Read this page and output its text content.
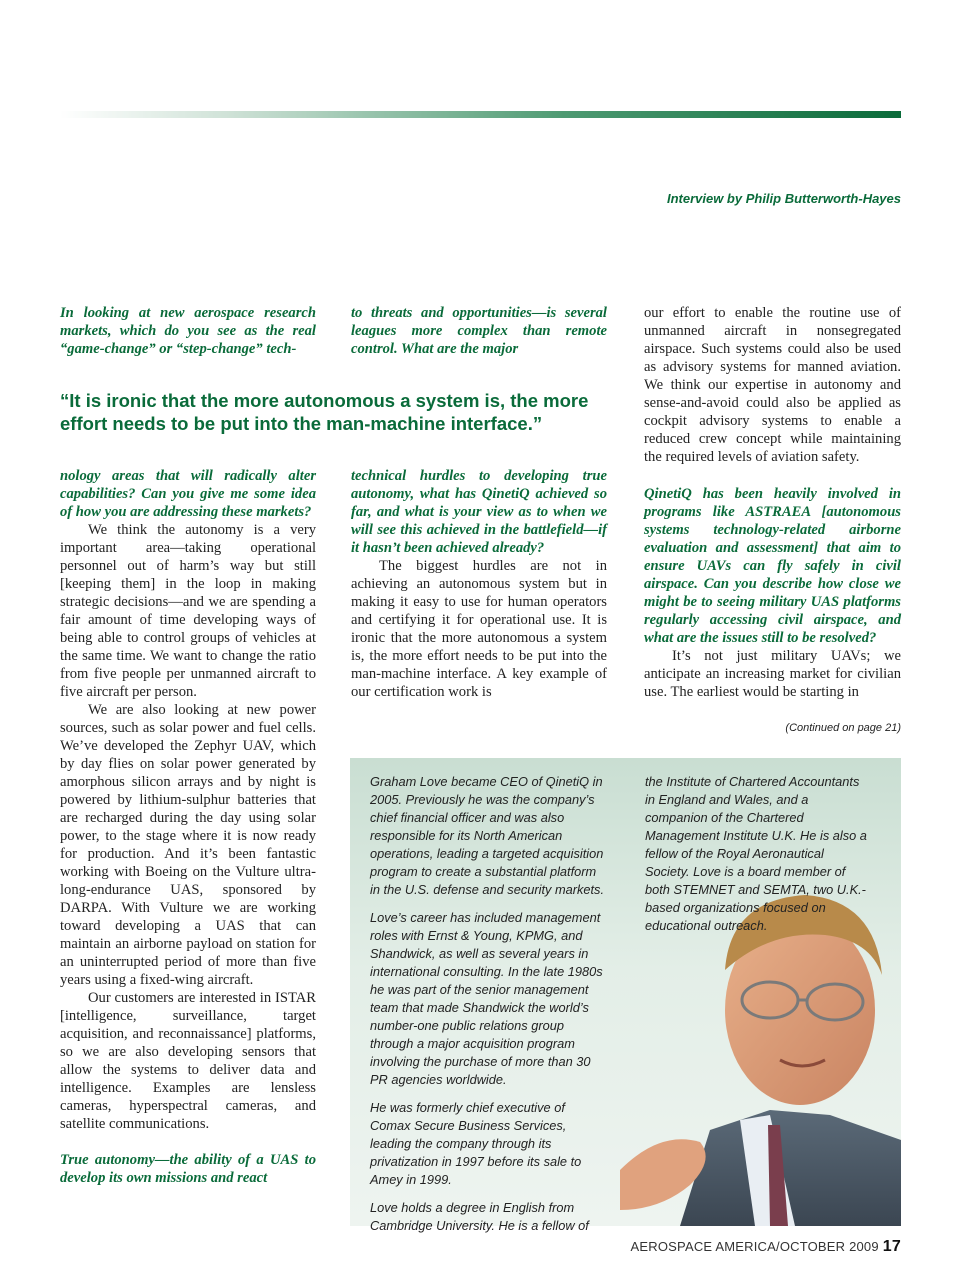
Interview by Philip Butterworth-Hayes
In looking at new aerospace research markets, which do you see as the real “game-change” or “step-change” tech-
to threats and opportunities—is several leagues more complex than remote control. What are the major
our effort to enable the routine use of unmanned aircraft in nonsegregated airspace. Such systems could also be used as advisory systems for manned aviation. We think our expertise in autonomy and sense-and-avoid could also be applied as cockpit advisory systems to enable a reduced crew concept while maintaining the required levels of aviation safety.
“It is ironic that the more autonomous a system is, the more effort needs to be put into the man-machine interface.”

nology areas that will radically alter capabilities? Can you give me some idea of how you are addressing these markets?

We think the autonomy is a very important area—taking operational personnel out of harm’s way but still [keeping them] in the loop in making strategic decisions—and we are spending a fair amount of time developing ways of being able to control groups of vehicles at the same time. We want to change the ratio from five people per unmanned aircraft to five aircraft per person.

We are also looking at new power sources, such as solar power and fuel cells. We’ve developed the Zephyr UAV, which by day flies on solar power generated by amorphous silicon arrays and by night is powered by lithium-sulphur batteries that are recharged during the day using solar power, to the stage where it is now ready for production. And it’s been fantastic working with Boeing on the Vulture ultra-long-endurance UAS, sponsored by DARPA. With Vulture we are working toward developing a UAS that can maintain an airborne payload on station for an uninterrupted period of more than five years using a fixed-wing aircraft.

Our customers are interested in ISTAR [intelligence, surveillance, target acquisition, and reconnaissance] platforms, so we are also developing sensors that allow the systems to deliver data and intelligence. Examples are lensless cameras, hyperspectral cameras, and satellite communications.

True autonomy—the ability of a UAS to develop its own missions and react

technical hurdles to developing true autonomy, what has QinetiQ achieved so far, and what is your view as to when we will see this achieved in the battlefield—if it hasn’t been achieved already?

The biggest hurdles are not in achieving an autonomous system but in making it easy to use for human operators and certifying it for operational use. It is ironic that the more autonomous a system is, the more effort needs to be put into the man-machine interface. A key example of our certification work is

QinetiQ has been heavily involved in programs like ASTRAEA [autonomous systems technology-related airborne evaluation and assessment] that aim to ensure UAVs can fly safely in civil airspace. Can you describe how close we might be to seeing military UAS platforms regularly accessing civil airspace, and what are the issues still to be resolved?

It’s not just military UAVs; we anticipate an increasing market for civilian use. The earliest would be starting in

(Continued on page 21)

Graham Love became CEO of QinetiQ in 2005. Previously he was the company’s chief financial officer and was also responsible for its North American operations, leading a targeted acquisition program to create a substantial platform in the U.S. defense and security markets.

Love’s career has included management roles with Ernst & Young, KPMG, and Shandwick, as well as several years in international consulting. In the late 1980s he was part of the senior management team that made Shandwick the world’s number-one public relations group through a major acquisition program involving the purchase of more than 30 PR agencies worldwide.

He was formerly chief executive of Comax Secure Business Services, leading the company through its privatization in 1997 before its sale to Amey in 1999.

Love holds a degree in English from Cambridge University. He is a fellow of

the Institute of Chartered Accountants in England and Wales, and a companion of the Chartered Management Institute U.K. He is also a fellow of the Royal Aeronautical Society. Love is a board member of both STEMNET and SEMTA, two U.K.-based organizations focused on educational outreach.

AEROSPACE AMERICA/OCTOBER 2009 17
